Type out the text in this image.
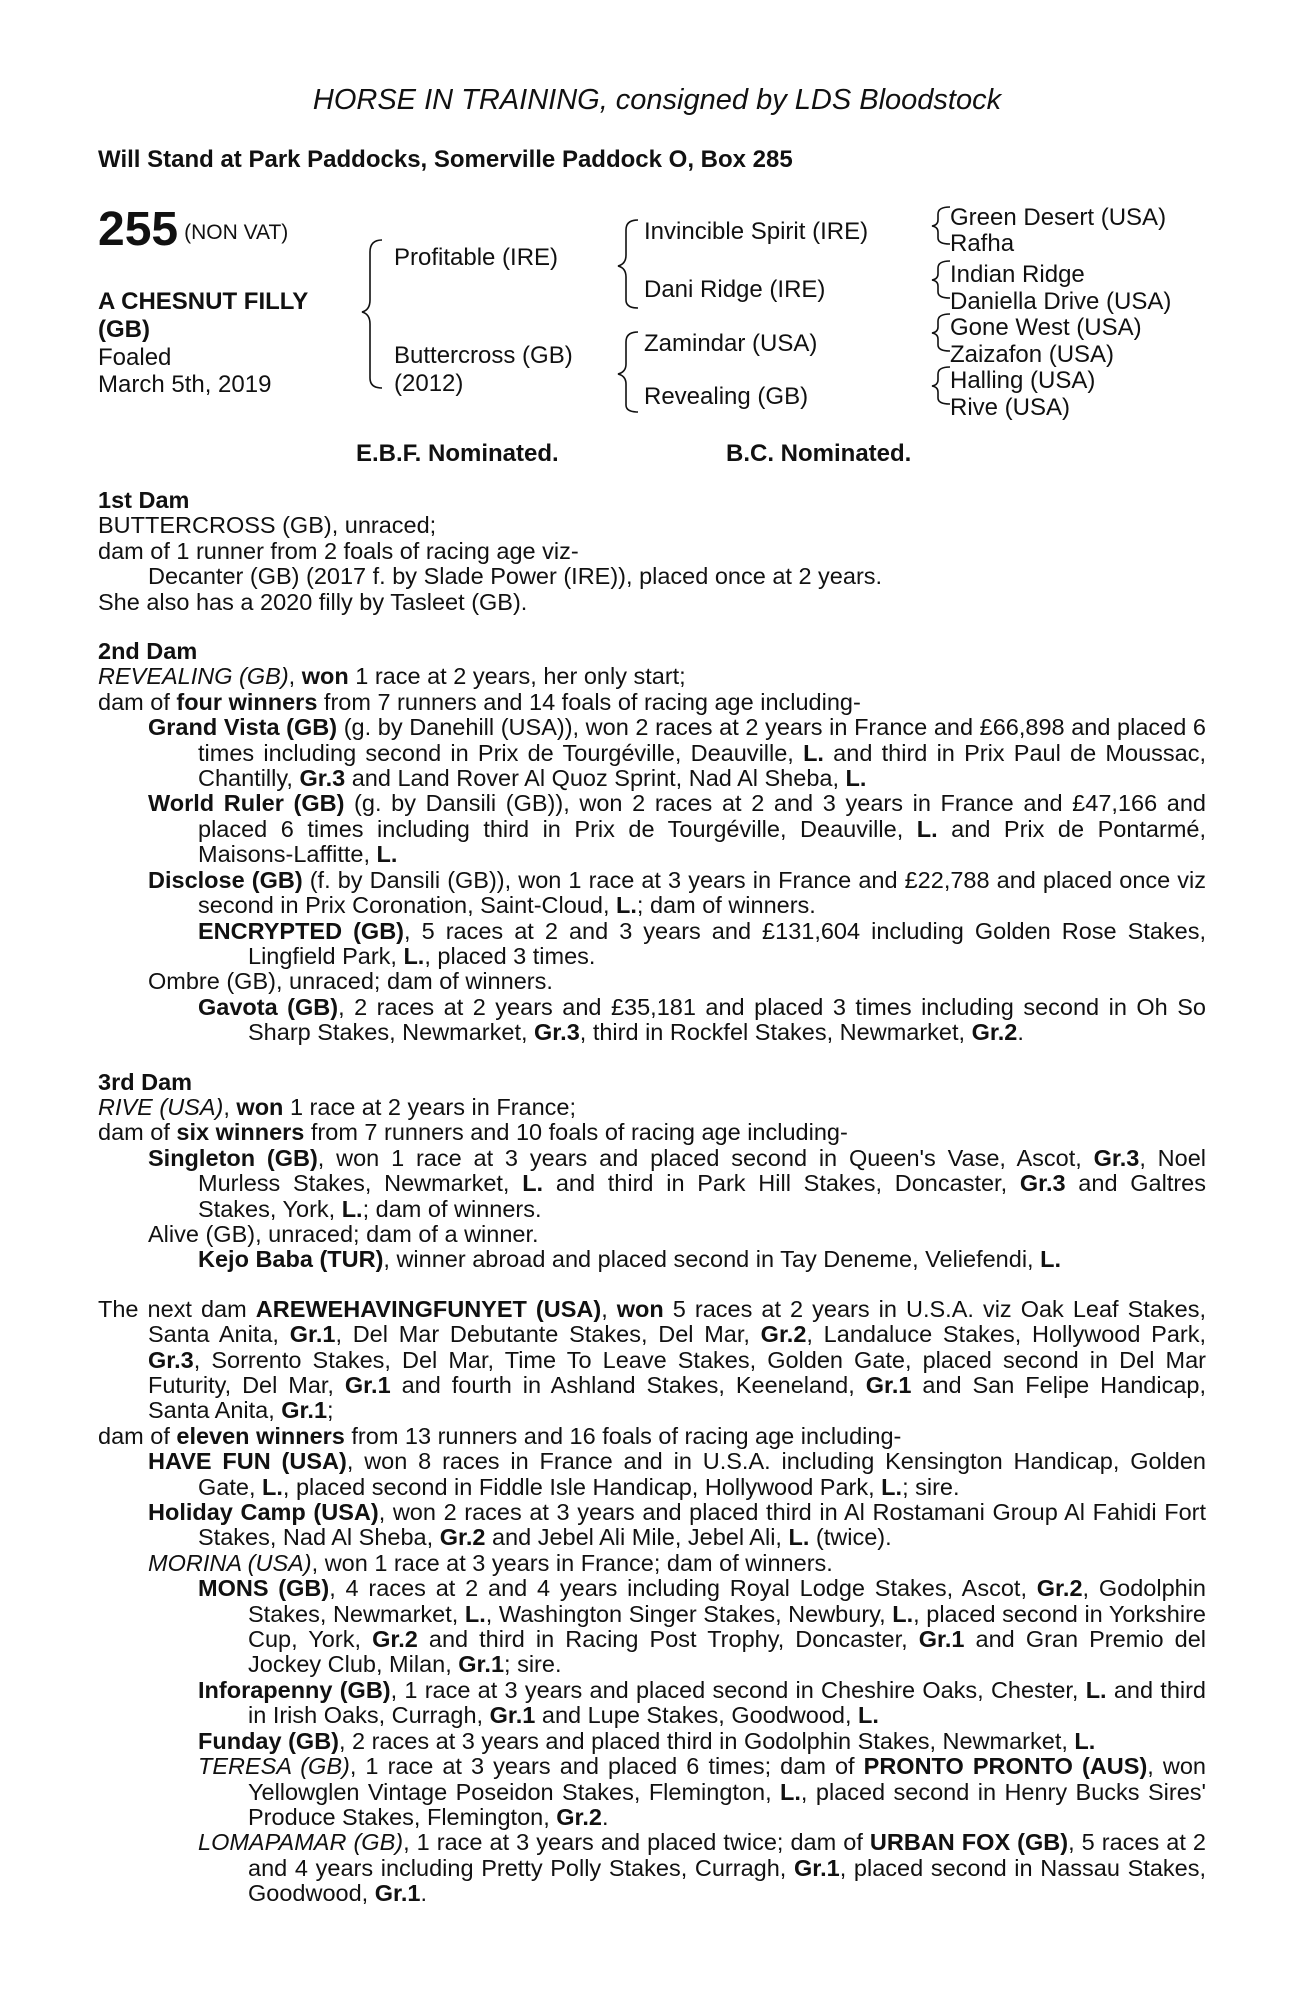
HORSE IN TRAINING, consigned by LDS Bloodstock
Will Stand at Park Paddocks, Somerville Paddock O, Box 285
255 (NON VAT)
A CHESNUT FILLY
(GB)
Foaled
March 5th, 2019
Profitable (IRE)
Buttercross (GB)
(2012)
Invincible Spirit (IRE)
Dani Ridge (IRE)
Zamindar (USA)
Revealing (GB)
Green Desert (USA)
Rafha
Indian Ridge
Daniella Drive (USA)
Gone West (USA)
Zaizafon (USA)
Halling (USA)
Rive (USA)
E.B.F. Nominated.	B.C. Nominated.
1st Dam
BUTTERCROSS (GB), unraced;
dam of 1 runner from 2 foals of racing age viz-
Decanter (GB) (2017 f. by Slade Power (IRE)), placed once at 2 years.
She also has a 2020 filly by Tasleet (GB).
2nd Dam
REVEALING (GB), won 1 race at 2 years, her only start;
dam of four winners from 7 runners and 14 foals of racing age including-
Grand Vista (GB) (g. by Danehill (USA)), won 2 races at 2 years in France and £66,898 and placed 6 times including second in Prix de Tourgéville, Deauville, L. and third in Prix Paul de Moussac, Chantilly, Gr.3 and Land Rover Al Quoz Sprint, Nad Al Sheba, L.
World Ruler (GB) (g. by Dansili (GB)), won 2 races at 2 and 3 years in France and £47,166 and placed 6 times including third in Prix de Tourgéville, Deauville, L. and Prix de Pontarmé, Maisons-Laffitte, L.
Disclose (GB) (f. by Dansili (GB)), won 1 race at 3 years in France and £22,788 and placed once viz second in Prix Coronation, Saint-Cloud, L.; dam of winners.
ENCRYPTED (GB), 5 races at 2 and 3 years and £131,604 including Golden Rose Stakes, Lingfield Park, L., placed 3 times.
Ombre (GB), unraced; dam of winners.
Gavota (GB), 2 races at 2 years and £35,181 and placed 3 times including second in Oh So Sharp Stakes, Newmarket, Gr.3, third in Rockfel Stakes, Newmarket, Gr.2.
3rd Dam
RIVE (USA), won 1 race at 2 years in France;
dam of six winners from 7 runners and 10 foals of racing age including-
Singleton (GB), won 1 race at 3 years and placed second in Queen's Vase, Ascot, Gr.3, Noel Murless Stakes, Newmarket, L. and third in Park Hill Stakes, Doncaster, Gr.3 and Galtres Stakes, York, L.; dam of winners.
Alive (GB), unraced; dam of a winner.
Kejo Baba (TUR), winner abroad and placed second in Tay Deneme, Veliefendi, L.
The next dam AREWEHAVINGFUNYET (USA), won 5 races at 2 years in U.S.A. viz Oak Leaf Stakes, Santa Anita, Gr.1, Del Mar Debutante Stakes, Del Mar, Gr.2, Landaluce Stakes, Hollywood Park, Gr.3, Sorrento Stakes, Del Mar, Time To Leave Stakes, Golden Gate, placed second in Del Mar Futurity, Del Mar, Gr.1 and fourth in Ashland Stakes, Keeneland, Gr.1 and San Felipe Handicap, Santa Anita, Gr.1;
dam of eleven winners from 13 runners and 16 foals of racing age including-
HAVE FUN (USA), won 8 races in France and in U.S.A. including Kensington Handicap, Golden Gate, L., placed second in Fiddle Isle Handicap, Hollywood Park, L.; sire.
Holiday Camp (USA), won 2 races at 3 years and placed third in Al Rostamani Group Al Fahidi Fort Stakes, Nad Al Sheba, Gr.2 and Jebel Ali Mile, Jebel Ali, L. (twice).
MORINA (USA), won 1 race at 3 years in France; dam of winners.
MONS (GB), 4 races at 2 and 4 years including Royal Lodge Stakes, Ascot, Gr.2, Godolphin Stakes, Newmarket, L., Washington Singer Stakes, Newbury, L., placed second in Yorkshire Cup, York, Gr.2 and third in Racing Post Trophy, Doncaster, Gr.1 and Gran Premio del Jockey Club, Milan, Gr.1; sire.
Inforapenny (GB), 1 race at 3 years and placed second in Cheshire Oaks, Chester, L. and third in Irish Oaks, Curragh, Gr.1 and Lupe Stakes, Goodwood, L.
Funday (GB), 2 races at 3 years and placed third in Godolphin Stakes, Newmarket, L.
TERESA (GB), 1 race at 3 years and placed 6 times; dam of PRONTO PRONTO (AUS), won Yellowglen Vintage Poseidon Stakes, Flemington, L., placed second in Henry Bucks Sires' Produce Stakes, Flemington, Gr.2.
LOMAPAMAR (GB), 1 race at 3 years and placed twice; dam of URBAN FOX (GB), 5 races at 2 and 4 years including Pretty Polly Stakes, Curragh, Gr.1, placed second in Nassau Stakes, Goodwood, Gr.1.
